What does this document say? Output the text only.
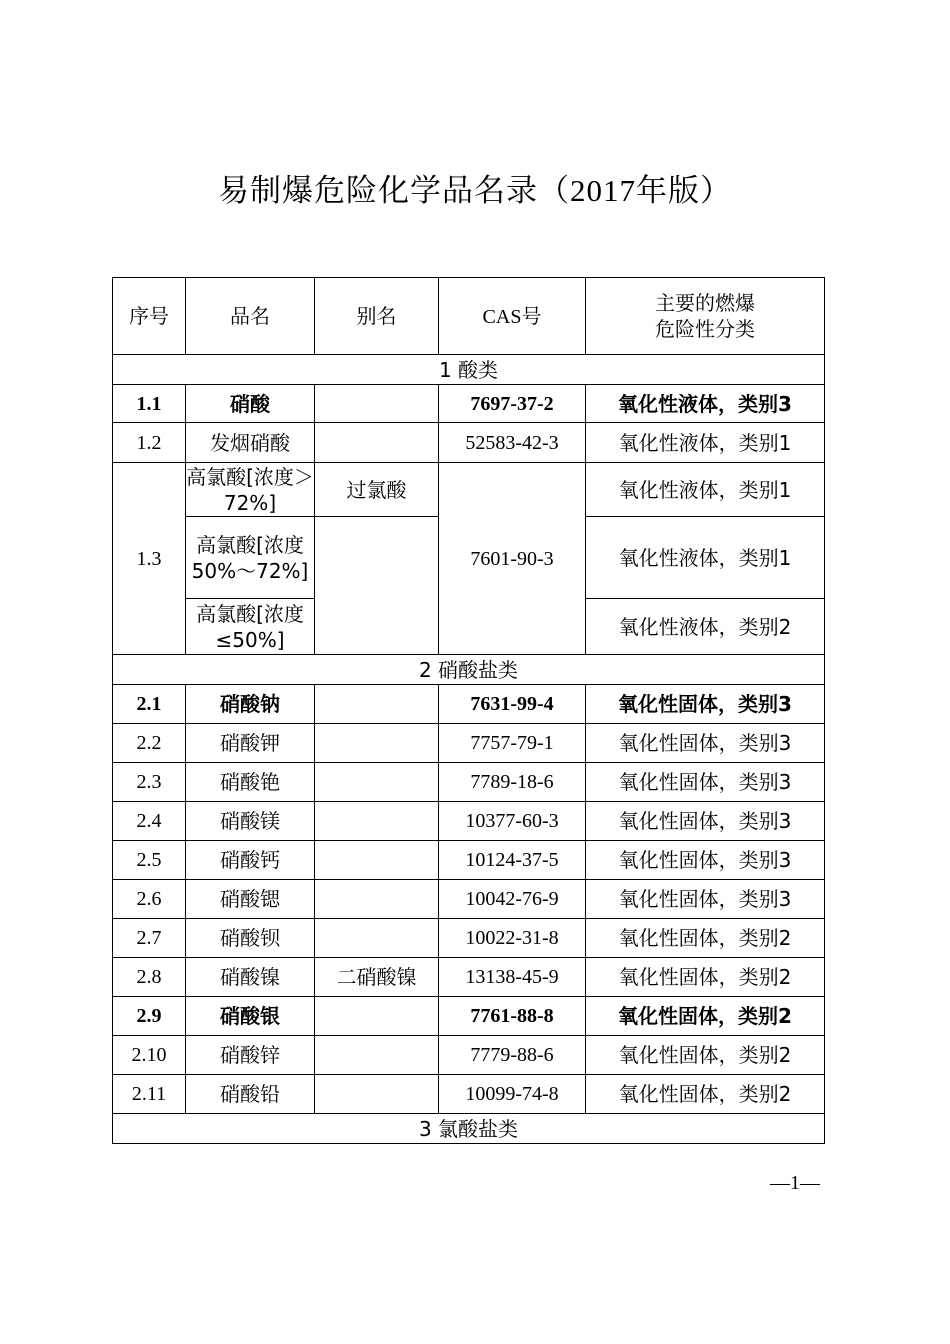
易制爆危险化学品名录（2017年版）
序号	品名	别名	CAS号	主要的燃爆
危险性分类

1 酸类				
1.1	硝酸		7697-37-2	氧化性液体，类别3
1.2	发烟硝酸		52583-42-3	氧化性液体，类别1
1.3	高氯酸[浓度＞72%]	过氯酸	7601-90-3	氧化性液体，类别1
	高氯酸[浓度50%～72%]			氧化性液体，类别1
	高氯酸[浓度≤50%]			氧化性液体，类别2
2 硝酸盐类				
2.1	硝酸钠		7631-99-4	氧化性固体，类别3
2.2	硝酸钾		7757-79-1	氧化性固体，类别3
2.3	硝酸铯		7789-18-6	氧化性固体，类别3
2.4	硝酸镁		10377-60-3	氧化性固体，类别3
2.5	硝酸钙		10124-37-5	氧化性固体，类别3
2.6	硝酸锶		10042-76-9	氧化性固体，类别3
2.7	硝酸钡		10022-31-8	氧化性固体，类别2
2.8	硝酸镍	二硝酸镍	13138-45-9	氧化性固体，类别2
2.9	硝酸银		7761-88-8	氧化性固体，类别2
2.10	硝酸锌		7779-88-6	氧化性固体，类别2
2.11	硝酸铅		10099-74-8	氧化性固体，类别2
3 氯酸盐类				
—1—
